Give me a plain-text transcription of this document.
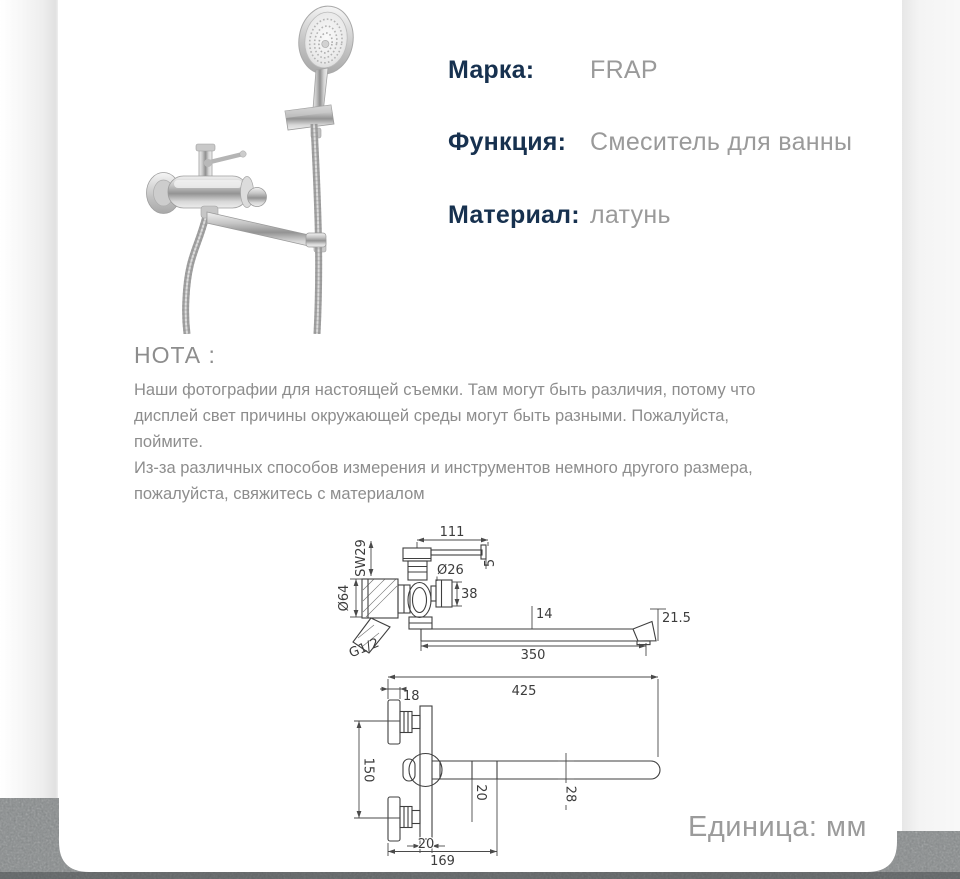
Марка:	FRAP
Функция: Смеситель для ванны
Материал: латунь
НОТА :
Наши фотографии для настоящей съемки. Там могут быть различия, потому что
дисплей свет причины окружающей среды могут быть разными. Пожалуйста,
поймите.
Из-за различных способов измерения и инструментов немного другого размера,
пожалуйста, свяжитесь с материалом
111
5
SW29
Ø64
Ø26
38
G1/2
14	21.5
350
425
18
150
20	28
20
169
Единица: мм
